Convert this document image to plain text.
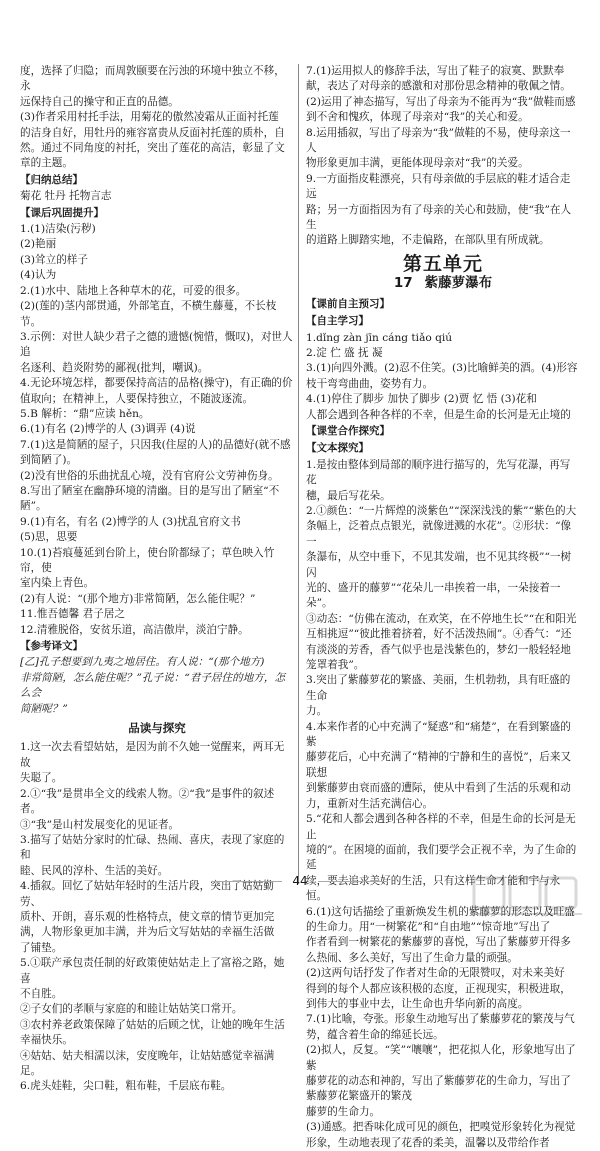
度，选择了归隐；而周敦颐要在污浊的环境中独立不移，永

远保持自己的操守和正直的品德。

(3)作者采用村托手法，用菊花的傲然凌霜从正面衬托莲

的洁身自好，用牡丹的雍容富贵从反面衬托莲的质朴，自

然。通过不同角度的衬托，突出了莲花的高洁，彰显了文

章的主题。

【归纳总结】

菊花 牡丹 托物言志

【课后巩固提升】

1.(1)洁染(污秽)

(2)艳丽

(3)耸立的样子

(4)认为

2.(1)水中、陆地上各种草木的花，可爱的很多。

(2)(莲的)茎内部贯通，外部笔直，不横生藤蔓，不长枝节。

3.示例：对世人缺少君子之德的遗憾(惋惜，慨叹)，对世人追

名逐利、趋炎附势的鄙视(批判，嘲讽)。

4.无论环境怎样，都要保持高洁的品格(操守)，有正确的价

值取向；在精神上，人要保持独立，不随波逐流。

5.B 解析：“鼎”应读 hěn。

6.(1)有名 (2)博学的人 (3)调弄 (4)说

7.(1)这是简陋的屋子，只因我(住屋的人)的品德好(就不感

到简陋了)。

(2)没有世俗的乐曲扰乱心境，没有官府公文劳神伤身。

8.写出了陋室在幽静环境的清幽。目的是写出了陋室“不陋”。

9.(1)有名，有名 (2)博学的人 (3)扰乱官府文书

(5)思，思要

10.(1)苔痕蔓延到台阶上，使台阶都绿了；草色映入竹帘，使

室内染上青色。

(2)有人说：“(那个地方)非常简陋，怎么能住呢？”

11.惟吾德馨 君子居之

12.清雅脱俗，安贫乐道，高洁傲岸，淡泊宁静。

【参考译文】

[乙]孔子想要到九夷之地居住。有人说：“(那个地方)

非常简陋，怎么能住呢？”孔子说：“君子居住的地方，怎么会

简陋呢？”

品读与探究

1.这一次去看望姑姑，是因为前不久她一觉醒来，两耳无故

失聪了。

2.①“我”是贯串全文的线索人物。②“我”是事件的叙述者。

③“我”是山村发展变化的见证者。

3.描写了姑姑分家时的忙碌、热闹、喜庆，表现了家庭的和

睦、民风的淳朴、生活的美好。

4.插叙。回忆了姑姑年轻时的生活片段，突出了姑姑勤劳、

质朴、开朗，喜乐观的性格特点，使文章的情节更加完

满，人物形象更加丰满，并为后文写姑姑的幸福生活做

了铺垫。

5.①联产承包责任制的好政策使姑姑走上了富裕之路，她喜

不自胜。

②子女们的孝顺与家庭的和睦让姑姑笑口常开。

③农村养老政策保障了姑姑的后顾之忧，让她的晚年生活

幸福快乐。

④姑姑、姑夫相濡以沫，安度晚年，让姑姑感觉幸福满足。

6.虎头娃鞋，尖口鞋，粗布鞋，千层底布鞋。

7.(1)运用拟人的修辞手法，写出了鞋子的寂寞、默默奉

献，表达了对母亲的感激和对那份思念精神的敬佩之情。

(2)运用了神态描写，写出了母亲为不能再为“我”做鞋而感

到不舍和愧疚，体现了母亲对“我”的关心和爱。

8.运用插叙，写出了母亲为“我”做鞋的不易，使母亲这一人

物形象更加丰满，更能体现母亲对“我”的关爱。

9.一方面指皮鞋漂亮，只有母亲做的手层底的鞋才适合走远

路；另一方面指因为有了母亲的关心和鼓励，使“我”在人生

的道路上脚踏实地，不走偏路，在部队里有所成就。

第五单元
17 紫藤萝瀑布
【课前自主预习】
【自主学习】

1.dǐng zàn jīn cáng tiǎo qiú

2.淀 伫 盛 抚 凝

3.(1)向四外溅。(2)忍不住笑。(3)比喻鲜美的酒。(4)形容

枝干弯弯曲曲，姿势有力。

4.(1)停住了脚步 加快了脚步 (2)贾 忆 悟 (3)花和

人都会遇到各种各样的不幸，但是生命的长河是无止境的

【课堂合作探究】
【文本探究】

1.是按由整体到局部的顺序进行描写的，先写花瀑，再写花

穗，最后写花朵。

2.①颜色：“一片辉煌的淡紫色”“深深浅浅的紫”“紫色的大

条幅上，泛着点点银光，就像迸溅的水花”。②形状：“像一

条瀑布，从空中垂下，不见其发端，也不见其终极”“一树闪

光的、盛开的藤萝”“花朵儿一串挨着一串，一朵接着一朵”。

③动态：“仿佛在流动，在欢笑，在不停地生长”“在和阳光

互相挑逗”“彼此推着挤着，好不活泼热闹”。④香气：“还

有淡淡的芳香，香气似乎也是浅紫色的，梦幻一般轻轻地

笼罩着我”。

3.突出了紫藤萝花的繁盛、美丽，生机勃勃，具有旺盛的生命

力。

4.本来作者的心中充满了“疑惑”和“痛楚”，在看到繁盛的紫

藤萝花后，心中充满了“精神的宁静和生的喜悦”，后来又联想

到紫藤萝由衰而盛的遭际，使从中看到了生活的乐观和动

力，重新对生活充满信心。

5.“花和人都会遇到各种各样的不幸，但是生命的长河是无止

境的”。在困境的面前，我们要学会正视不幸，为了生命的延

续，要去追求美好的生活，只有这样生命才能和宇与永恒。

6.(1)这句话描绘了重新焕发生机的紫藤萝的形态以及旺盛

的生命力。用“一树繁花”和“自由地”“惊奇地”写出了

作者看到一树繁花的紫藤萝的喜悦，写出了紫藤萝开得多

么热闹、多么美好，写出了生命力量的顽强。

(2)这两句话抒发了作者对生命的无限赞叹，对未来美好

得到的每个人都应该积极的态度，正视现实，积极进取，

到伟大的事业中去，让生命也升华向新的高度。

7.(1)比喻，夸张。形象生动地写出了紫藤萝花的繁茂与气

势，蕴含着生命的绵延长远。

(2)拟人，反复。“笑”“嚷嚷”，把花拟人化，形象地写出了紫

藤萝花的动态和神韵，写出了紫藤萝花的生命力，写出了紫藤萝花繁盛开的繁茂

藤萝的生命力。

(3)通感。把香味化成可见的颜色，把嗅觉形象转化为视觉

形象，生动地表现了花香的柔美，温馨以及带给作者

44
